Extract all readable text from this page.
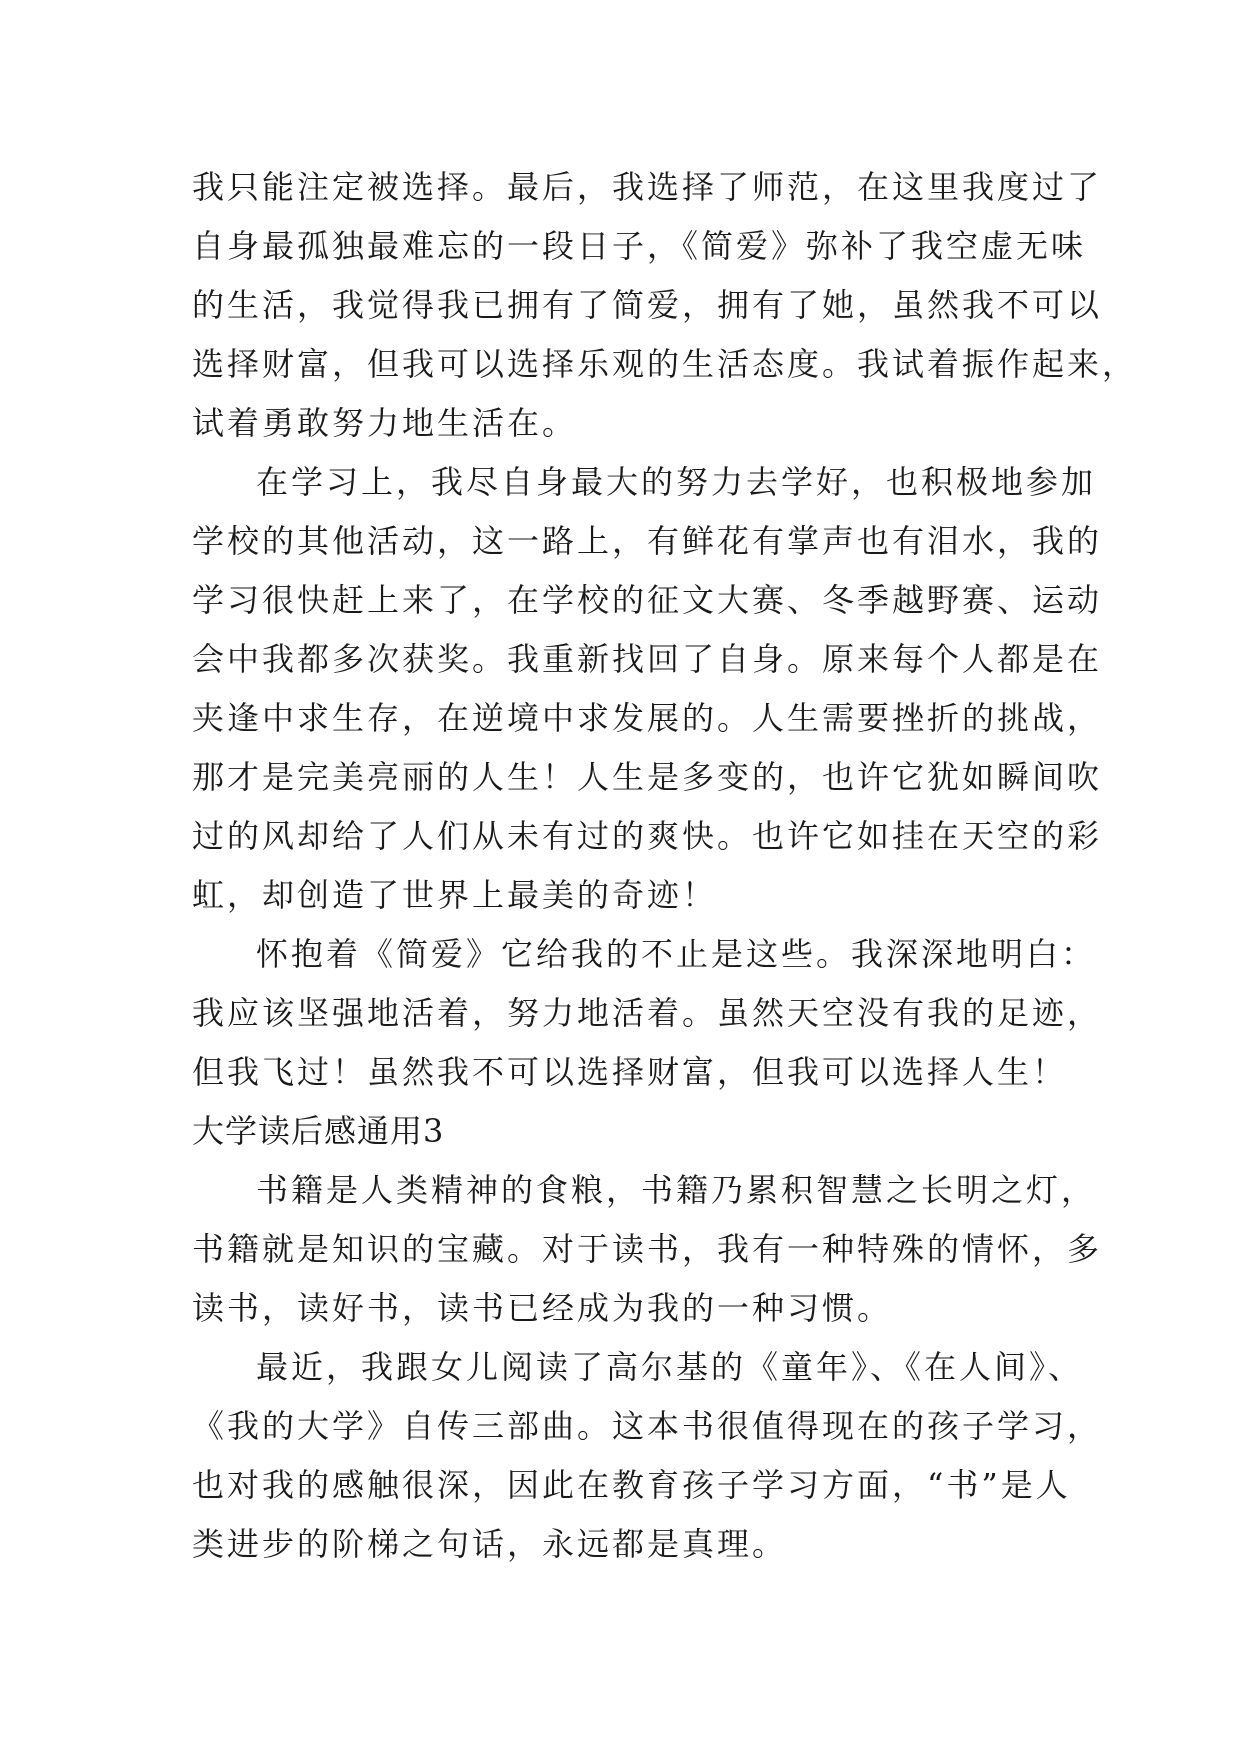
我只能注定被选择。最后，我选择了师范，在这里我度过了
自身最孤独最难忘的一段日子，《简爱》弥补了我空虚无味
的生活，我觉得我已拥有了简爱，拥有了她，虽然我不可以
选择财富，但我可以选择乐观的生活态度。我试着振作起来，
试着勇敢努力地生活在。
在学习上，我尽自身最大的努力去学好，也积极地参加
学校的其他活动，这一路上，有鲜花有掌声也有泪水，我的
学习很快赶上来了，在学校的征文大赛、冬季越野赛、运动
会中我都多次获奖。我重新找回了自身。原来每个人都是在
夹逢中求生存，在逆境中求发展的。人生需要挫折的挑战，
那才是完美亮丽的人生！人生是多变的，也许它犹如瞬间吹
过的风却给了人们从未有过的爽快。也许它如挂在天空的彩
虹，却创造了世界上最美的奇迹！
怀抱着《简爱》它给我的不止是这些。我深深地明白：
我应该坚强地活着，努力地活着。虽然天空没有我的足迹，
但我飞过！虽然我不可以选择财富，但我可以选择人生！
大学读后感通用3
书籍是人类精神的食粮，书籍乃累积智慧之长明之灯，
书籍就是知识的宝藏。对于读书，我有一种特殊的情怀，多
读书，读好书，读书已经成为我的一种习惯。
最近，我跟女儿阅读了高尔基的《童年》、《在人间》、
《我的大学》自传三部曲。这本书很值得现在的孩子学习，
也对我的感触很深，因此在教育孩子学习方面，“书”是人
类进步的阶梯之句话，永远都是真理。
